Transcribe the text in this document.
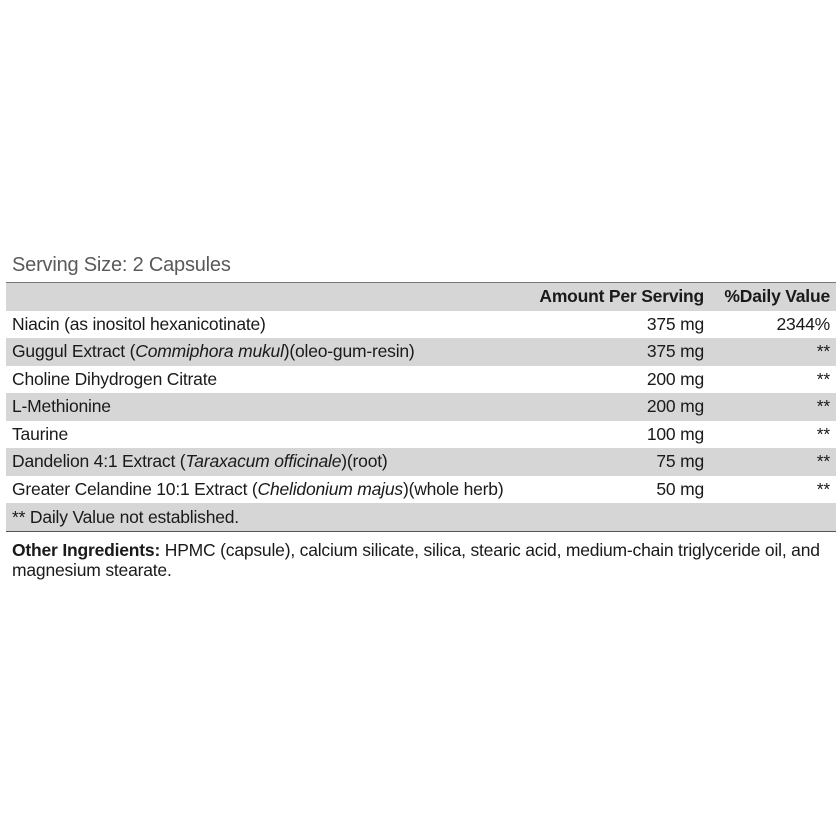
Serving Size: 2 Capsules
Amount Per Serving	%Daily Value
Niacin (as inositol hexanicotinate)	375 mg	2344%
Guggul Extract (Commiphora mukul)(oleo-gum-resin)	375 mg	**
Choline Dihydrogen Citrate	200 mg	**
L-Methionine	200 mg	**
Taurine	100 mg	**
Dandelion 4:1 Extract (Taraxacum officinale)(root)	75 mg	**
Greater Celandine 10:1 Extract (Chelidonium majus)(whole herb)	50 mg	**
** Daily Value not established.
Other Ingredients: HPMC (capsule), calcium silicate, silica, stearic acid, medium-chain triglyceride oil, and magnesium stearate.
